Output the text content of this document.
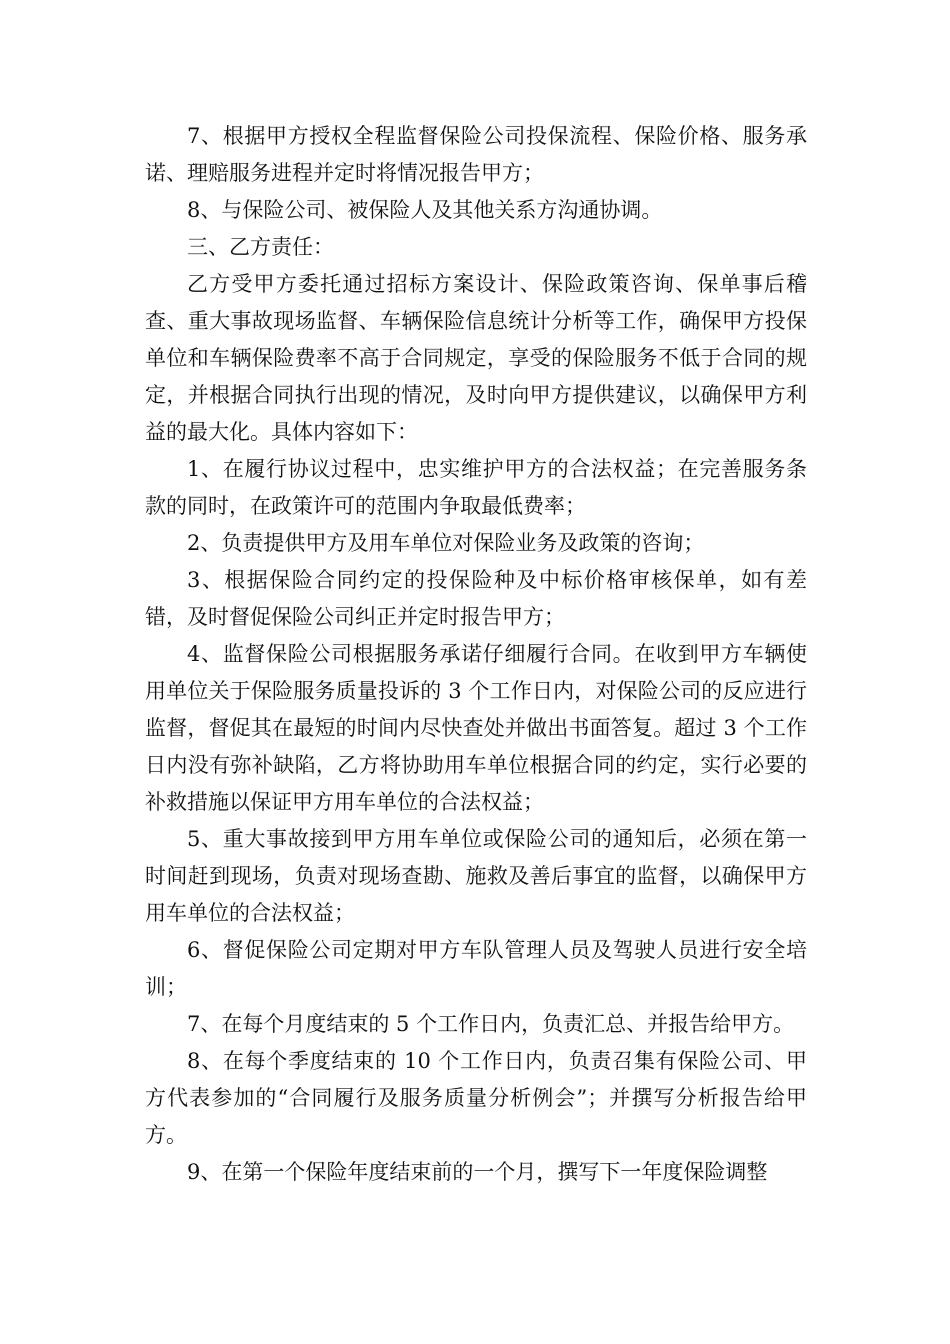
7、根据甲方授权全程监督保险公司投保流程、保险价格、服务承诺、理赔服务进程并定时将情况报告甲方；

8、与保险公司、被保险人及其他关系方沟通协调。

三、乙方责任：

乙方受甲方委托通过招标方案设计、保险政策咨询、保单事后稽查、重大事故现场监督、车辆保险信息统计分析等工作，确保甲方投保单位和车辆保险费率不高于合同规定，享受的保险服务不低于合同的规定，并根据合同执行出现的情况，及时向甲方提供建议，以确保甲方利益的最大化。具体内容如下：

1、在履行协议过程中，忠实维护甲方的合法权益；在完善服务条款的同时，在政策许可的范围内争取最低费率；

2、负责提供甲方及用车单位对保险业务及政策的咨询；

3、根据保险合同约定的投保险种及中标价格审核保单，如有差错，及时督促保险公司纠正并定时报告甲方；

4、监督保险公司根据服务承诺仔细履行合同。在收到甲方车辆使用单位关于保险服务质量投诉的 3 个工作日内，对保险公司的反应进行监督，督促其在最短的时间内尽快查处并做出书面答复。超过 3 个工作日内没有弥补缺陷，乙方将协助用车单位根据合同的约定，实行必要的补救措施以保证甲方用车单位的合法权益；

5、重大事故接到甲方用车单位或保险公司的通知后，必须在第一时间赶到现场，负责对现场查勘、施救及善后事宜的监督，以确保甲方用车单位的合法权益；

6、督促保险公司定期对甲方车队管理人员及驾驶人员进行安全培训；

7、在每个月度结束的 5 个工作日内，负责汇总、并报告给甲方。

8、在每个季度结束的 10 个工作日内，负责召集有保险公司、甲方代表参加的“合同履行及服务质量分析例会”；并撰写分析报告给甲方。

9、在第一个保险年度结束前的一个月，撰写下一年度保险调整
